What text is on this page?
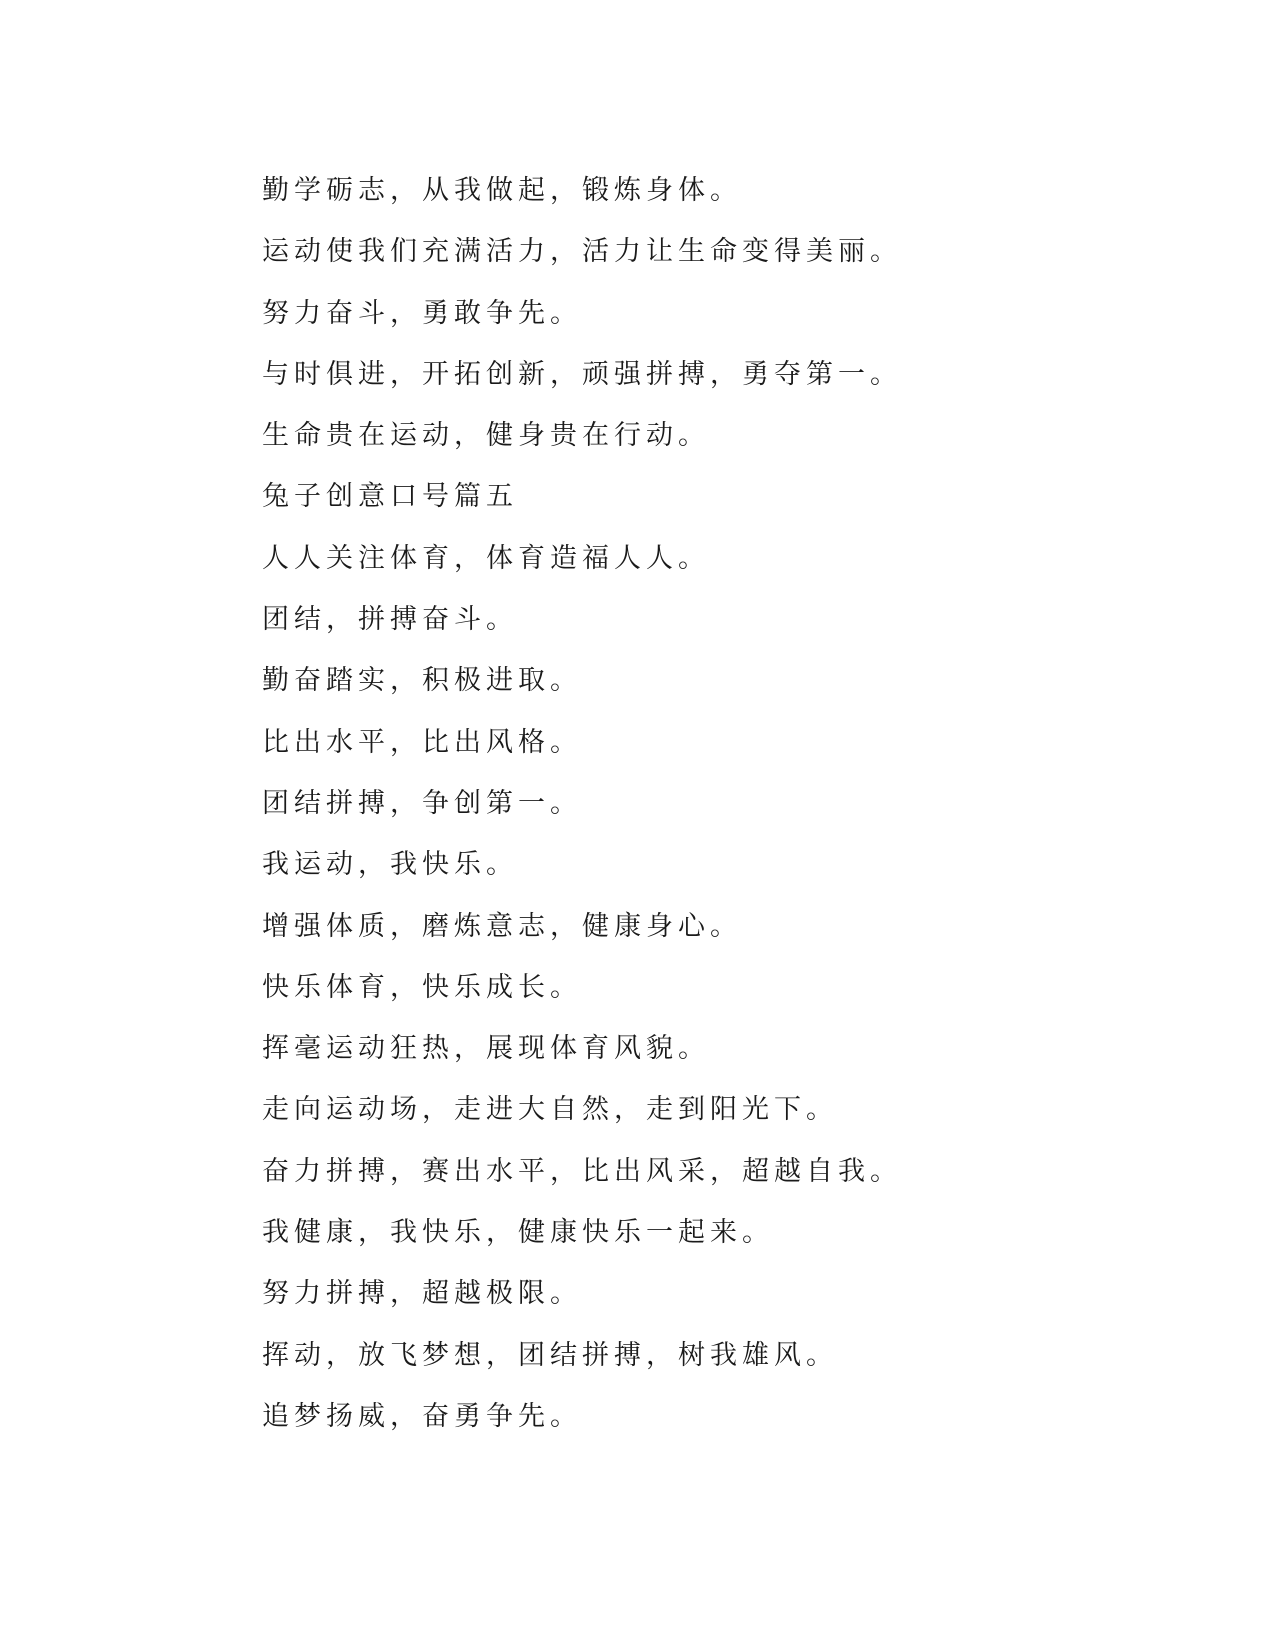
勤学砺志，从我做起，锻炼身体。
运动使我们充满活力，活力让生命变得美丽。
努力奋斗，勇敢争先。
与时俱进，开拓创新，顽强拼搏，勇夺第一。
生命贵在运动，健身贵在行动。
兔子创意口号篇五
人人关注体育，体育造福人人。
团结，拼搏奋斗。
勤奋踏实，积极进取。
比出水平，比出风格。
团结拼搏，争创第一。
我运动，我快乐。
增强体质，磨炼意志，健康身心。
快乐体育，快乐成长。
挥毫运动狂热，展现体育风貌。
走向运动场，走进大自然，走到阳光下。
奋力拼搏，赛出水平，比出风采，超越自我。
我健康，我快乐，健康快乐一起来。
努力拼搏，超越极限。
挥动，放飞梦想，团结拼搏，树我雄风。
追梦扬威，奋勇争先。
